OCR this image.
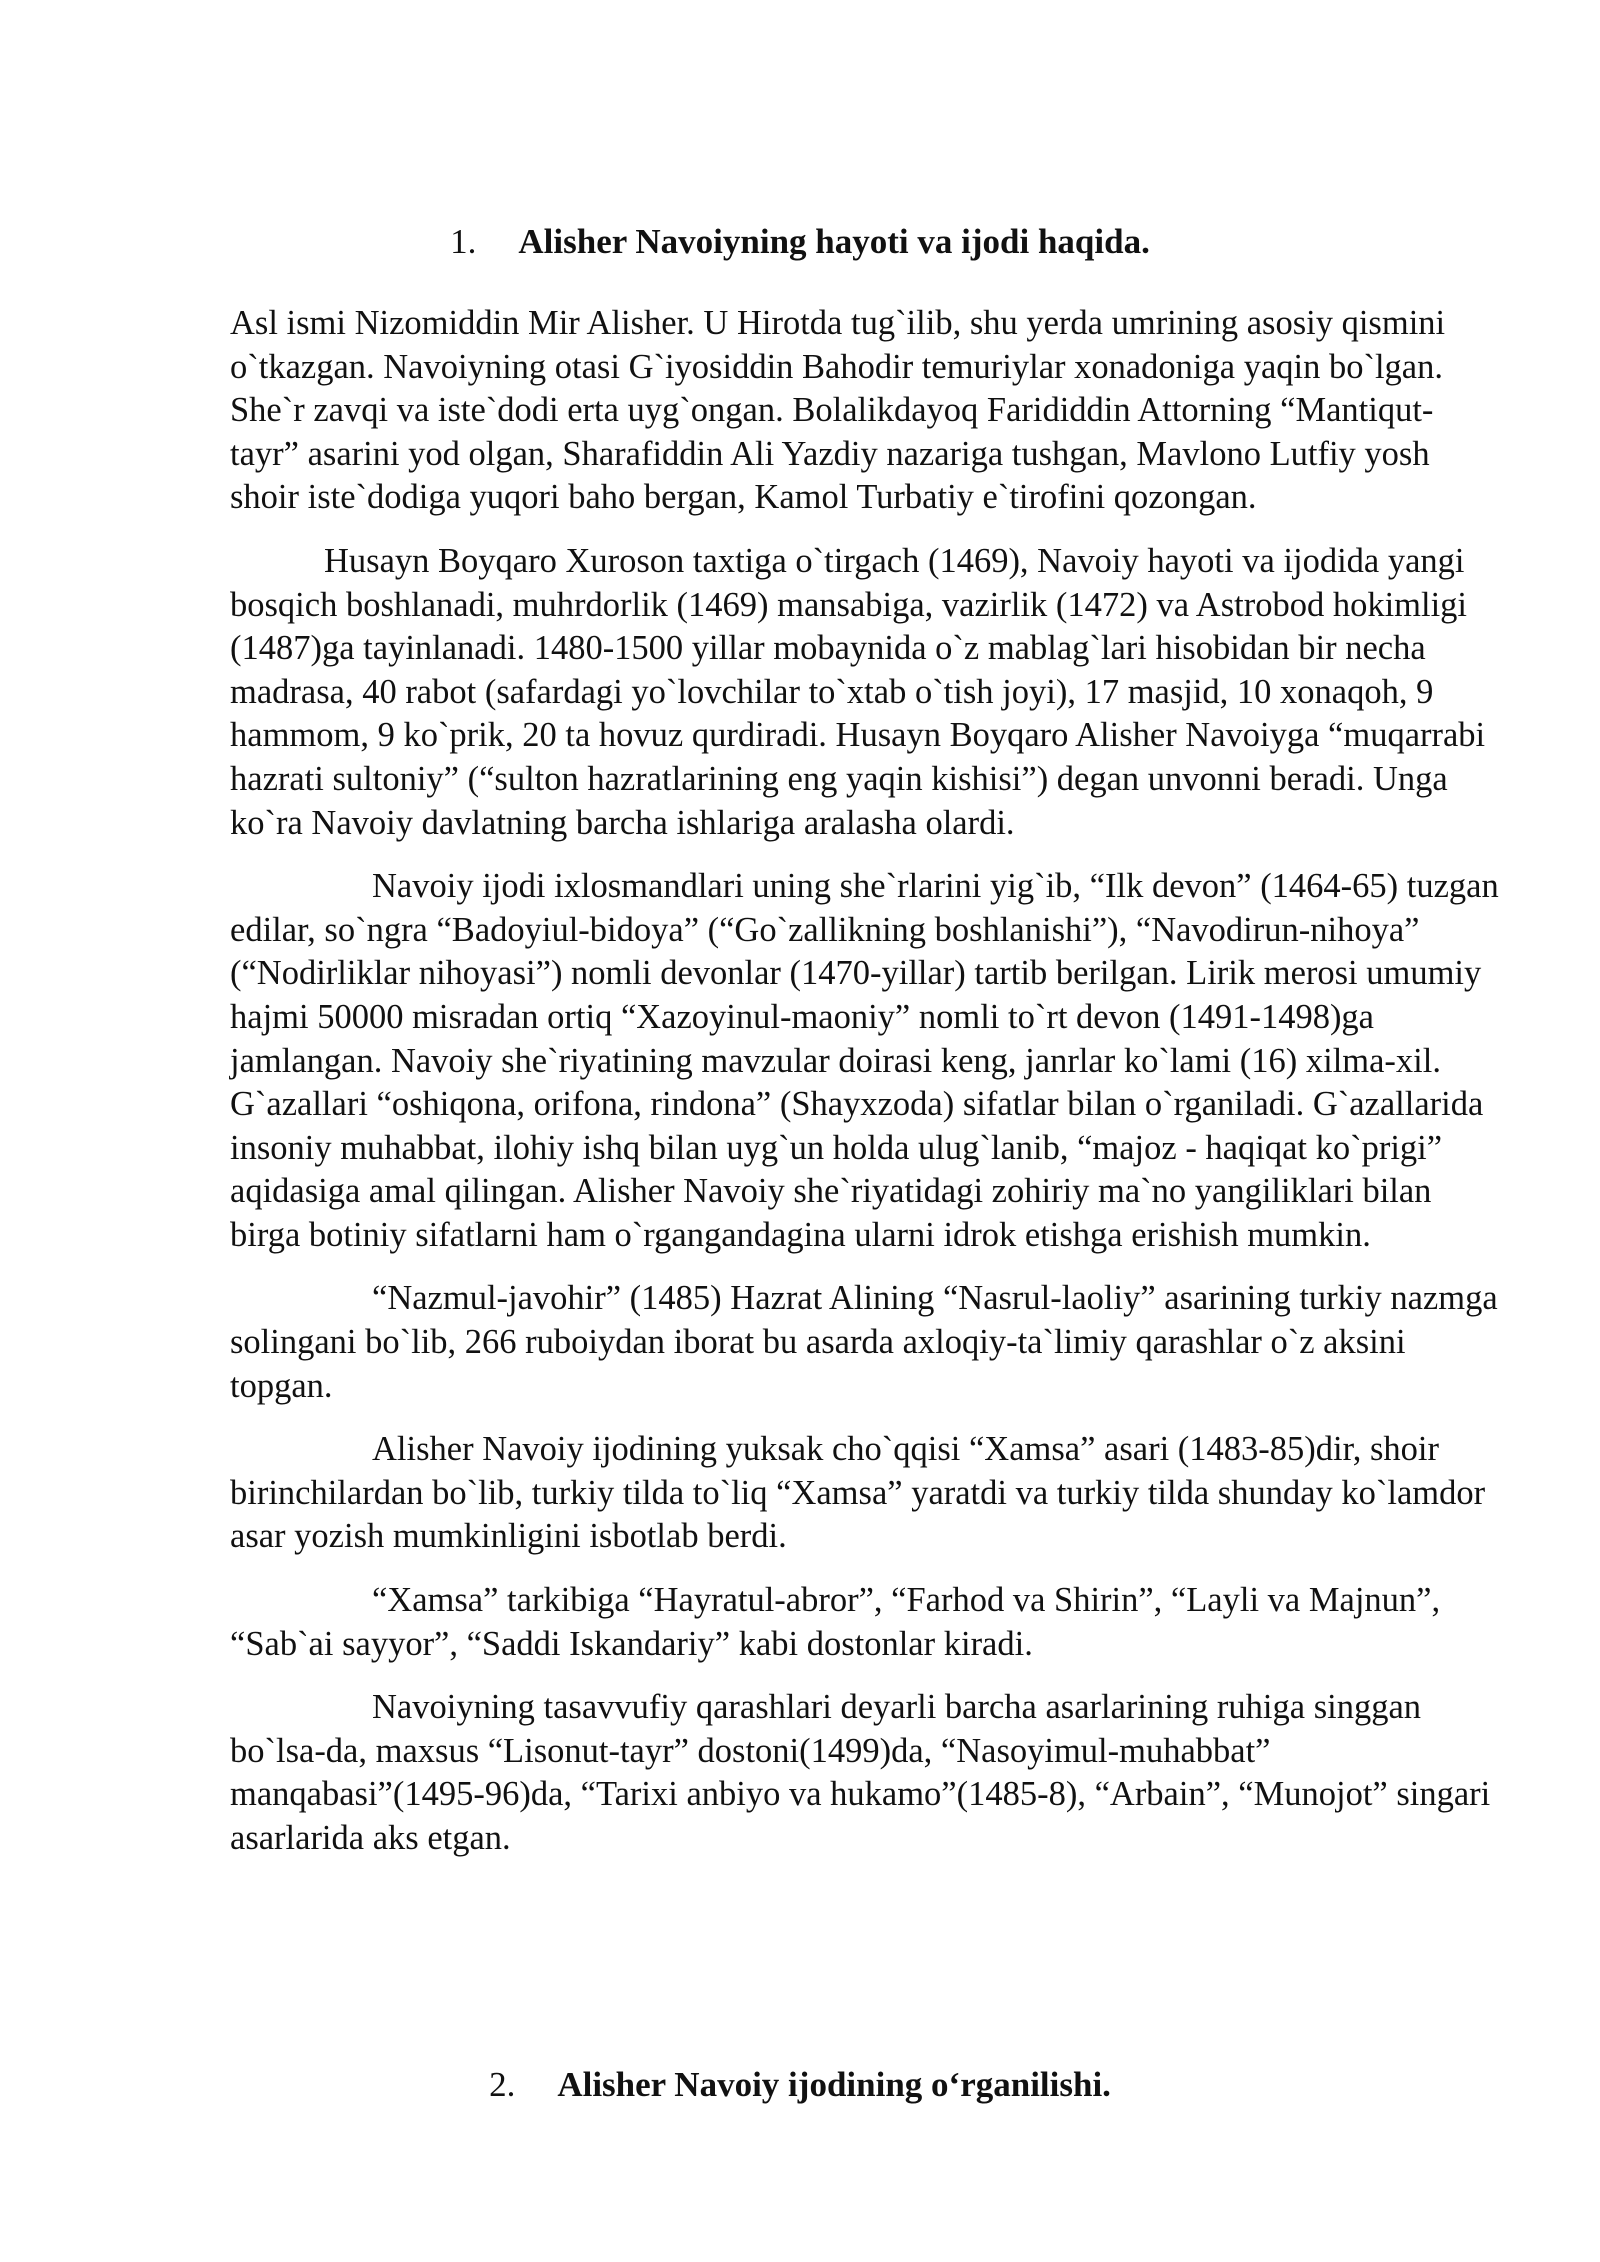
1. Alisher Navoiyning hayoti va ijodi haqida.

Asl ismi Nizomiddin Mir Alisher. U Hirotda tug`ilib, shu yerda umrining asosiy qismini o`tkazgan. Navoiyning otasi G`iyosiddin Bahodir temuriylar xonadoniga yaqin bo`lgan. She`r zavqi va iste`dodi erta uyg`ongan. Bolalikdayoq Farididdin Attorning “Mantiqut-tayr” asarini yod olgan, Sharafiddin Ali Yazdiy nazariga tushgan, Mavlono Lutfiy yosh shoir iste`dodiga yuqori baho bergan, Kamol Turbatiy e`tirofini qozongan.

Husayn Boyqaro Xuroson taxtiga o`tirgach (1469), Navoiy hayoti va ijodida yangi bosqich boshlanadi, muhrdorlik (1469) mansabiga, vazirlik (1472) va Astrobod hokimligi (1487)ga tayinlanadi. 1480-1500 yillar mobaynida o`z mablag`lari hisobidan bir necha madrasa, 40 rabot (safardagi yo`lovchilar to`xtab o`tish joyi), 17 masjid, 10 xonaqoh, 9 hammom, 9 ko`prik, 20 ta hovuz qurdiradi. Husayn Boyqaro Alisher Navoiyga “muqarrabi hazrati sultoniy” (“sulton hazratlarining eng yaqin kishisi”) degan unvonni beradi. Unga ko`ra Navoiy davlatning barcha ishlariga aralasha olardi.

Navoiy ijodi ixlosmandlari uning she`rlarini yig`ib, “Ilk devon” (1464-65) tuzgan edilar, so`ngra “Badoyiul-bidoya” (“Go`zallikning boshlanishi”), “Navodirun-nihoya” (“Nodirliklar nihoyasi”) nomli devonlar (1470-yillar) tartib berilgan. Lirik merosi umumiy hajmi 50000 misradan ortiq “Xazoyinul-maoniy” nomli to`rt devon (1491-1498)ga jamlangan. Navoiy she`riyatining mavzular doirasi keng, janrlar ko`lami (16) xilma-xil. G`azallari “oshiqona, orifona, rindona” (Shayxzoda) sifatlar bilan o`rganiladi. G`azallarida insoniy muhabbat, ilohiy ishq bilan uyg`un holda ulug`lanib, “majoz - haqiqat ko`prigi” aqidasiga amal qilingan. Alisher Navoiy she`riyatidagi zohiriy ma`no yangiliklari bilan birga botiniy sifatlarni ham o`rgangandagina ularni idrok etishga erishish mumkin.

“Nazmul-javohir” (1485) Hazrat Alining “Nasrul-laoliy” asarining turkiy nazmga solingani bo`lib, 266 ruboiydan iborat bu asarda axloqiy-ta`limiy qarashlar o`z aksini topgan.

Alisher Navoiy ijodining yuksak cho`qqisi “Xamsa” asari (1483-85)dir, shoir birinchilardan bo`lib, turkiy tilda to`liq “Xamsa” yaratdi va turkiy tilda shunday ko`lamdor asar yozish mumkinligini isbotlab berdi.

“Xamsa” tarkibiga “Hayratul-abror”, “Farhod va Shirin”, “Layli va Majnun”, “Sab`ai sayyor”, “Saddi Iskandariy” kabi dostonlar kiradi.

Navoiyning tasavvufiy qarashlari deyarli barcha asarlarining ruhiga singgan bo`lsa-da, maxsus “Lisonut-tayr” dostoni(1499)da, “Nasoyimul-muhabbat” manqabasi”(1495-96)da, “Tarixi anbiyo va hukamo”(1485-8), “Arbain”, “Munojot” singari asarlarida aks etgan.

2. Alisher Navoiy ijodining o‘rganilishi.
